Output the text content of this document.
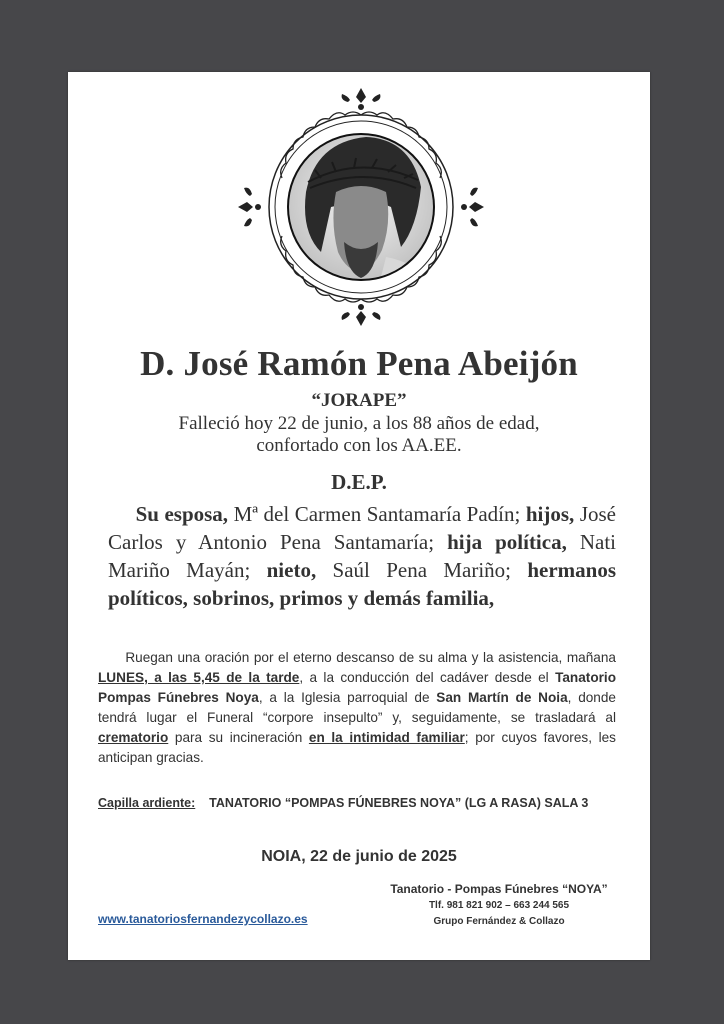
D. José Ramón Pena Abeijón
“JORAPE”
Falleció hoy 22 de junio, a los 88 años de edad,
confortado con los AA.EE.
D.E.P.
Su esposa, Mª del Carmen Santamaría Padín; hijos, José Carlos y Antonio Pena Santamaría; hija política, Nati Mariño Mayán; nieto, Saúl Pena Mariño; hermanos políticos, sobrinos, primos y demás familia,
Ruegan una oración por el eterno descanso de su alma y la asistencia, mañana LUNES, a las 5,45 de la tarde, a la conducción del cadáver desde el Tanatorio Pompas Fúnebres Noya, a la Iglesia parroquial de San Martín de Noia, donde tendrá lugar el Funeral “corpore insepulto” y, seguidamente, se trasladará al crematorio para su incineración en la intimidad familiar; por cuyos favores, les anticipan gracias.
Capilla ardiente: TANATORIO “POMPAS FÚNEBRES NOYA” (LG A RASA) SALA 3
NOIA, 22 de junio de 2025
Tanatorio - Pompas Fúnebres “NOYA”
Tlf. 981 821 902 – 663 244 565
Grupo Fernández & Collazo
www.tanatoriosfernandezycollazo.es
